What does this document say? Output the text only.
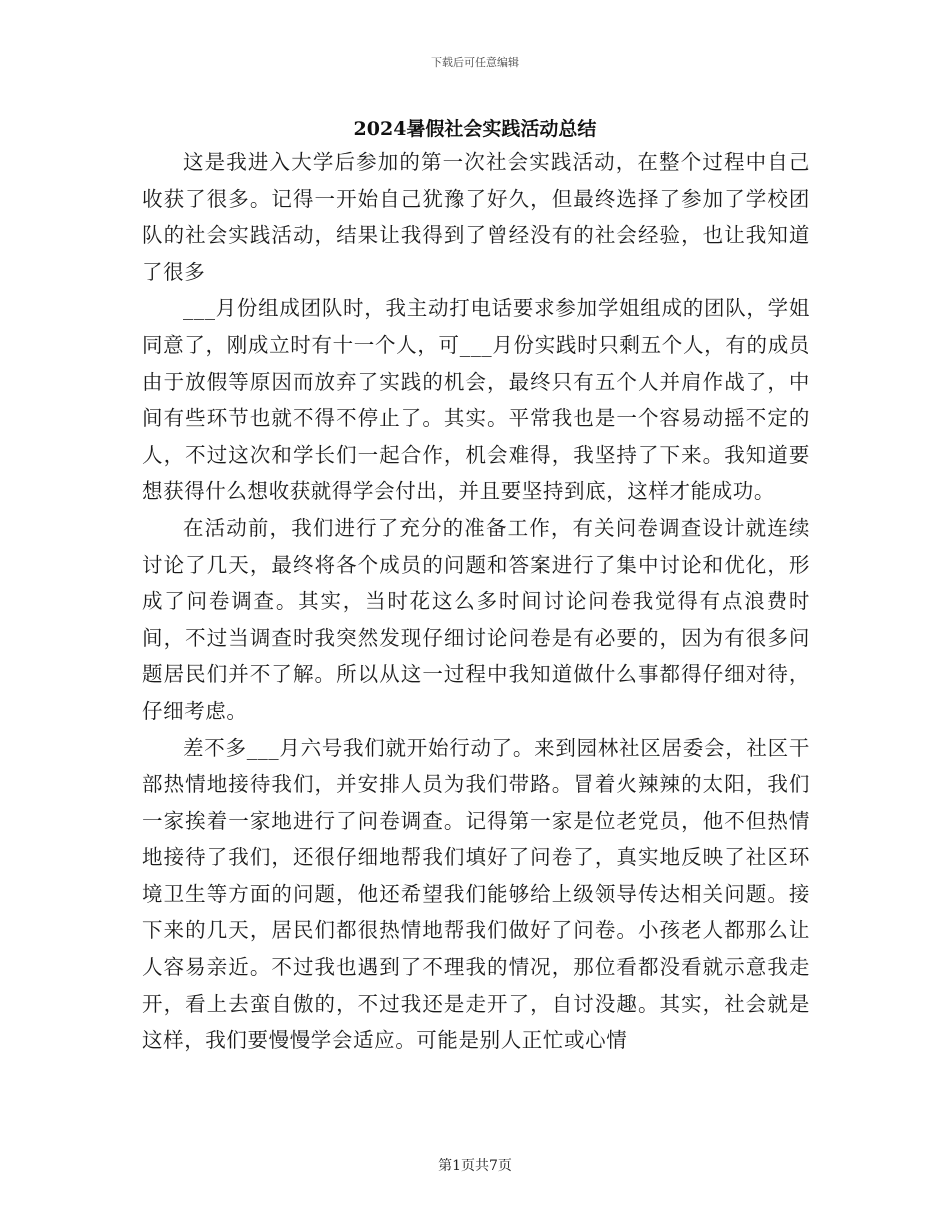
下载后可任意编辑
2024暑假社会实践活动总结

这是我进入大学后参加的第一次社会实践活动，在整个过程中自己收获了很多。记得一开始自己犹豫了好久，但最终选择了参加了学校团队的社会实践活动，结果让我得到了曾经没有的社会经验，也让我知道了很多

___月份组成团队时，我主动打电话要求参加学姐组成的团队，学姐同意了，刚成立时有十一个人，可___月份实践时只剩五个人，有的成员由于放假等原因而放弃了实践的机会，最终只有五个人并肩作战了，中间有些环节也就不得不停止了。其实。平常我也是一个容易动摇不定的人，不过这次和学长们一起合作，机会难得，我坚持了下来。我知道要想获得什么想收获就得学会付出，并且要坚持到底，这样才能成功。

在活动前，我们进行了充分的准备工作，有关问卷调查设计就连续讨论了几天，最终将各个成员的问题和答案进行了集中讨论和优化，形成了问卷调查。其实，当时花这么多时间讨论问卷我觉得有点浪费时间，不过当调查时我突然发现仔细讨论问卷是有必要的，因为有很多问题居民们并不了解。所以从这一过程中我知道做什么事都得仔细对待，仔细考虑。

差不多___月六号我们就开始行动了。来到园林社区居委会，社区干部热情地接待我们，并安排人员为我们带路。冒着火辣辣的太阳，我们一家挨着一家地进行了问卷调查。记得第一家是位老党员，他不但热情地接待了我们，还很仔细地帮我们填好了问卷了，真实地反映了社区环境卫生等方面的问题，他还希望我们能够给上级领导传达相关问题。接下来的几天，居民们都很热情地帮我们做好了问卷。小孩老人都那么让人容易亲近。不过我也遇到了不理我的情况，那位看都没看就示意我走开，看上去蛮自傲的，不过我还是走开了，自讨没趣。其实，社会就是这样，我们要慢慢学会适应。可能是别人正忙或心情

第1页共7页
